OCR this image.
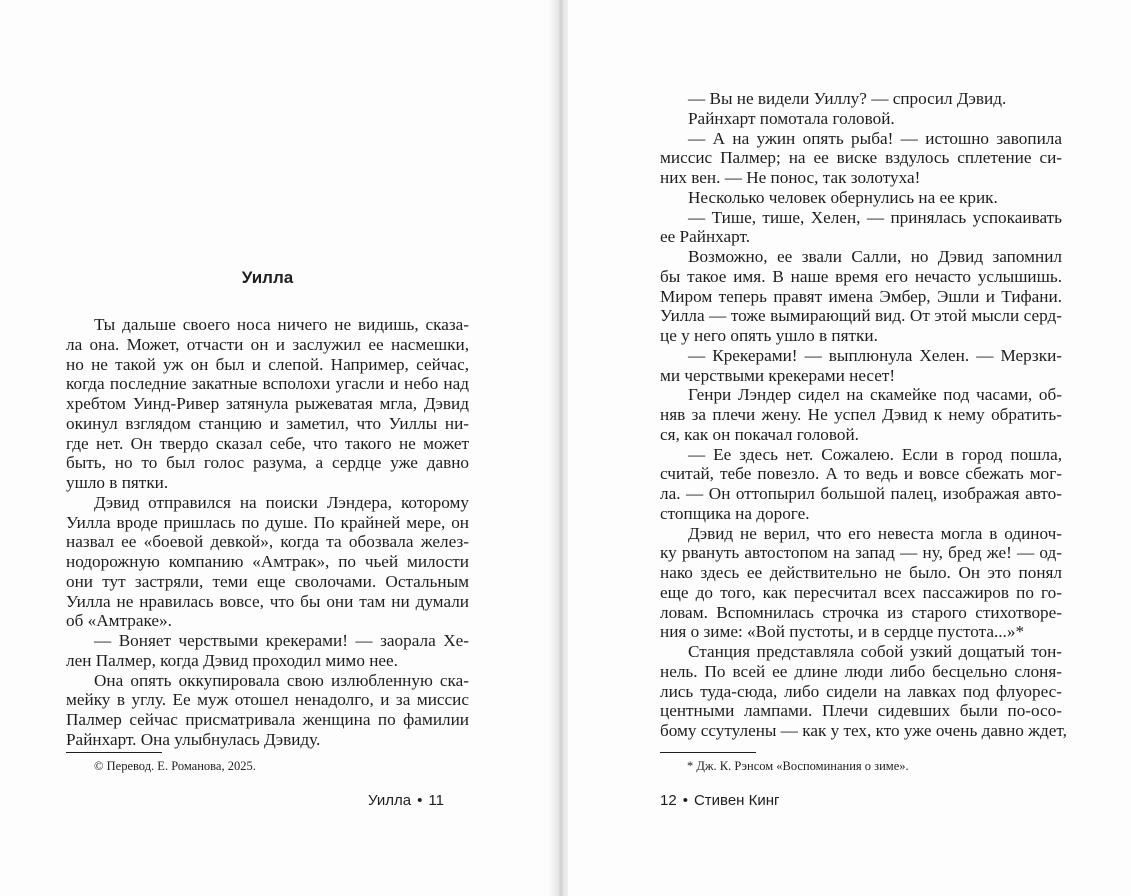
Уилла
Ты дальше своего носа ничего не видишь, сказа-
ла она. Может, отчасти он и заслужил ее насмешки,
но не такой уж он был и слепой. Например, сейчас,
когда последние закатные всполохи угасли и небо над
хребтом Уинд-Ривер затянула рыжеватая мгла, Дэвид
окинул взглядом станцию и заметил, что Уиллы ни-
где нет. Он твердо сказал себе, что такого не может
быть, но то был голос разума, а сердце уже давно
ушло в пятки.
Дэвид отправился на поиски Лэндера, которому
Уилла вроде пришлась по душе. По крайней мере, он
назвал ее «боевой девкой», когда та обозвала желез-
нодорожную компанию «Амтрак», по чьей милости
они тут застряли, теми еще сволочами. Остальным
Уилла не нравилась вовсе, что бы они там ни думали
об «Амтраке».
— Воняет черствыми крекерами! — заорала Хе-
лен Палмер, когда Дэвид проходил мимо нее.
Она опять оккупировала свою излюбленную ска-
мейку в углу. Ее муж отошел ненадолго, и за миссис
Палмер сейчас присматривала женщина по фамилии
Райнхарт. Она улыбнулась Дэвиду.
© Перевод. Е. Романова, 2025.
Уилла • 11
— Вы не видели Уиллу? — спросил Дэвид.
Райнхарт помотала головой.
— А на ужин опять рыба! — истошно завопила
миссис Палмер; на ее виске вздулось сплетение си-
них вен. — Не понос, так золотуха!
Несколько человек обернулись на ее крик.
— Тише, тише, Хелен, — принялась успокаивать
ее Райнхарт.
Возможно, ее звали Салли, но Дэвид запомнил
бы такое имя. В наше время его нечасто услышишь.
Миром теперь правят имена Эмбер, Эшли и Тифани.
Уилла — тоже вымирающий вид. От этой мысли серд-
це у него опять ушло в пятки.
— Крекерами! — выплюнула Хелен. — Мерзки-
ми черствыми крекерами несет!
Генри Лэндер сидел на скамейке под часами, об-
няв за плечи жену. Не успел Дэвид к нему обратить-
ся, как он покачал головой.
— Ее здесь нет. Сожалею. Если в город пошла,
считай, тебе повезло. А то ведь и вовсе сбежать мог-
ла. — Он оттопырил большой палец, изображая авто-
стопщика на дороге.
Дэвид не верил, что его невеста могла в одиноч-
ку рвануть автостопом на запад — ну, бред же! — од-
нако здесь ее действительно не было. Он это понял
еще до того, как пересчитал всех пассажиров по го-
ловам. Вспомнилась строчка из старого стихотворе-
ния о зиме: «Вой пустоты, и в сердце пустота...»*
Станция представляла собой узкий дощатый тон-
нель. По всей ее длине люди либо бесцельно слоня-
лись туда-сюда, либо сидели на лавках под флуорес-
центными лампами. Плечи сидевших были по-осо-
бому ссутулены — как у тех, кто уже очень давно ждет,
* Дж. К. Рэнсом «Воспоминания о зиме».
12 • Стивен Кинг
